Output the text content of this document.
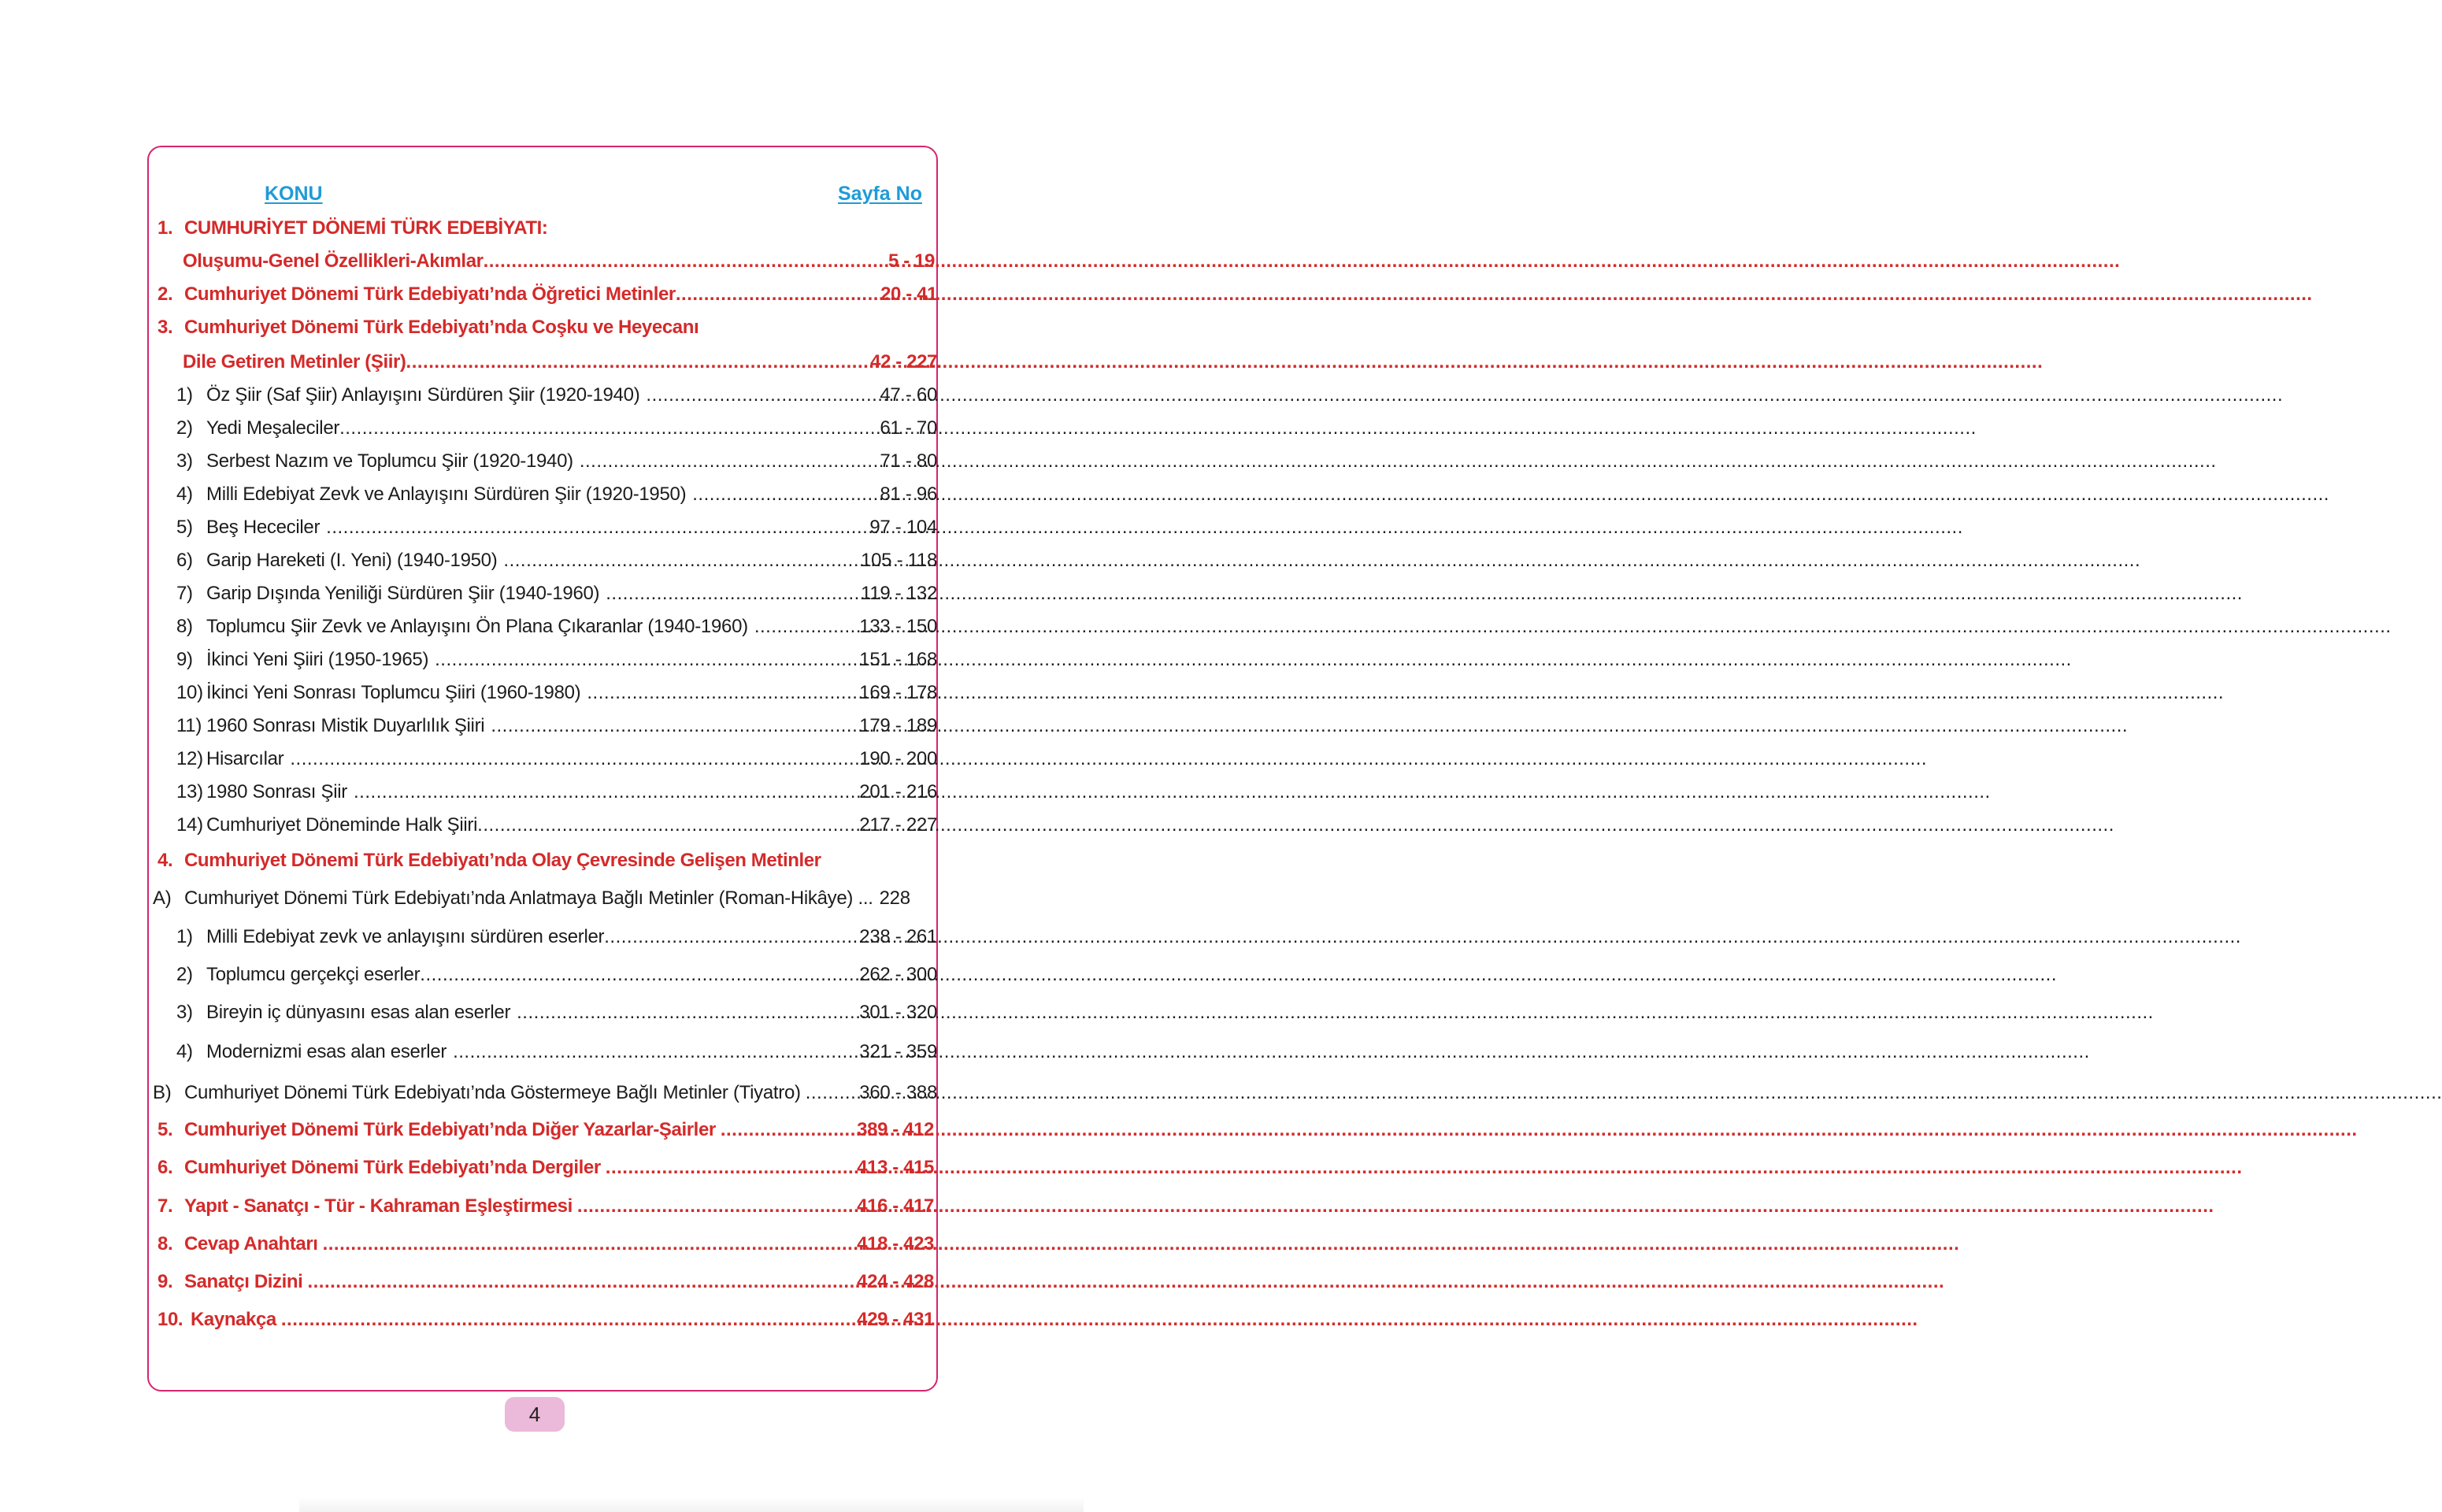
KONU	Sayfa No
1. CUMHURİYET DÖNEMİ TÜRK EDEBİYATI:
Oluşumu-Genel Özellikleri-Akımlar .....	5 - 19
2. Cumhuriyet Dönemi Türk Edebiyatı’nda Öğretici Metinler .....	20 - 41
3. Cumhuriyet Dönemi Türk Edebiyatı’nda Coşku ve Heyecanı
Dile Getiren Metinler (Şiir) .....	42 - 227
1) Öz Şiir (Saf Şiir) Anlayışını Sürdüren Şiir (1920-1940) .....	47 - 60
2) Yedi Meşaleciler .....	61 - 70
3) Serbest Nazım ve Toplumcu Şiir (1920-1940) .....	71 - 80
4) Milli Edebiyat Zevk ve Anlayışını Sürdüren Şiir (1920-1950) .....	81 - 96
5) Beş Hececiler .....	97 - 104
6) Garip Hareketi (I. Yeni) (1940-1950) .....	105 - 118
7) Garip Dışında Yeniliği Sürdüren Şiir (1940-1960) .....	119 - 132
8) Toplumcu Şiir Zevk ve Anlayışını Ön Plana Çıkaranlar (1940-1960) .....	133 - 150
9) İkinci Yeni Şiiri (1950-1965) .....	151 - 168
10) İkinci Yeni Sonrası Toplumcu Şiiri (1960-1980) .....	169 - 178
11) 1960 Sonrası Mistik Duyarlılık Şiiri .....	179 - 189
12) Hisarcılar .....	190 - 200
13) 1980 Sonrası Şiir .....	201 - 216
14) Cumhuriyet Döneminde Halk Şiiri .....	217 - 227
4. Cumhuriyet Dönemi Türk Edebiyatı’nda Olay Çevresinde Gelişen Metinler
A) Cumhuriyet Dönemi Türk Edebiyatı’nda Anlatmaya Bağlı Metinler (Roman-Hikâye) ... 228
1) Milli Edebiyat zevk ve anlayışını sürdüren eserler .....	238 - 261
2) Toplumcu gerçekçi eserler .....	262 - 300
3) Bireyin iç dünyasını esas alan eserler .....	301 - 320
4) Modernizmi esas alan eserler .....	321 - 359
B) Cumhuriyet Dönemi Türk Edebiyatı’nda Göstermeye Bağlı Metinler (Tiyatro) .....	360 - 388
5. Cumhuriyet Dönemi Türk Edebiyatı’nda Diğer Yazarlar-Şairler .....	389 - 412
6. Cumhuriyet Dönemi Türk Edebiyatı’nda Dergiler .....	413 - 415
7. Yapıt - Sanatçı - Tür - Kahraman Eşleştirmesi .....	416 - 417
8. Cevap Anahtarı .....	418 - 423
9. Sanatçı Dizini .....	424 - 428
10. Kaynakça .....	429 - 431
4
